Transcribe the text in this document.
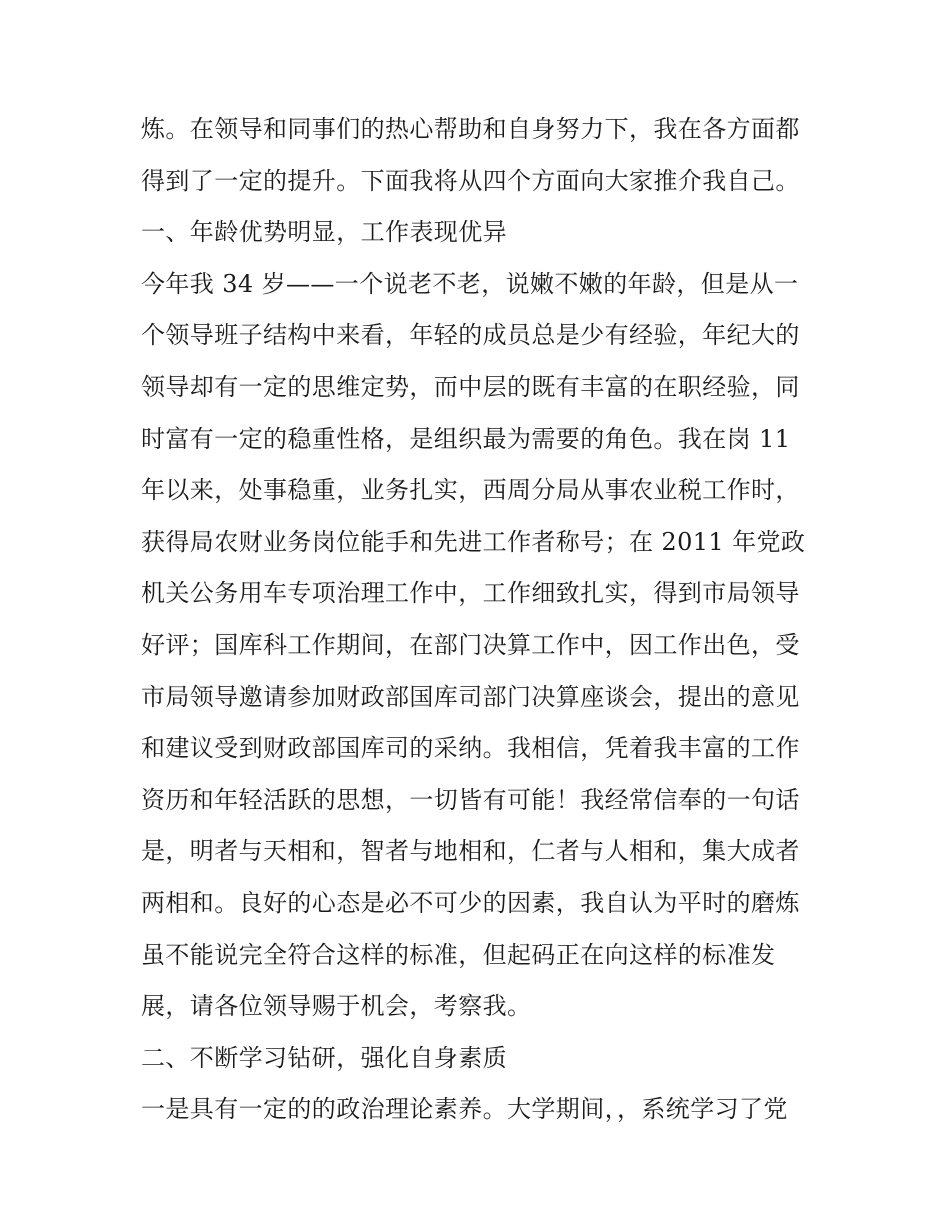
炼。在领导和同事们的热心帮助和自身努力下，我在各方面都
得到了一定的提升。下面我将从四个方面向大家推介我自己。
一、年龄优势明显，工作表现优异
今年我 34 岁——一个说老不老，说嫩不嫩的年龄，但是从一
个领导班子结构中来看，年轻的成员总是少有经验，年纪大的
领导却有一定的思维定势，而中层的既有丰富的在职经验，同
时富有一定的稳重性格，是组织最为需要的角色。我在岗 11
年以来，处事稳重，业务扎实，西周分局从事农业税工作时，
获得局农财业务岗位能手和先进工作者称号；在 2011 年党政
机关公务用车专项治理工作中，工作细致扎实，得到市局领导
好评；国库科工作期间，在部门决算工作中，因工作出色，受
市局领导邀请参加财政部国库司部门决算座谈会，提出的意见
和建议受到财政部国库司的采纳。我相信，凭着我丰富的工作
资历和年轻活跃的思想，一切皆有可能！我经常信奉的一句话
是，明者与天相和，智者与地相和，仁者与人相和，集大成者
两相和。良好的心态是必不可少的因素，我自认为平时的磨炼
虽不能说完全符合这样的标准，但起码正在向这样的标准发
展，请各位领导赐于机会，考察我。
二、不断学习钻研，强化自身素质
一是具有一定的的政治理论素养。大学期间，，系统学习了党
